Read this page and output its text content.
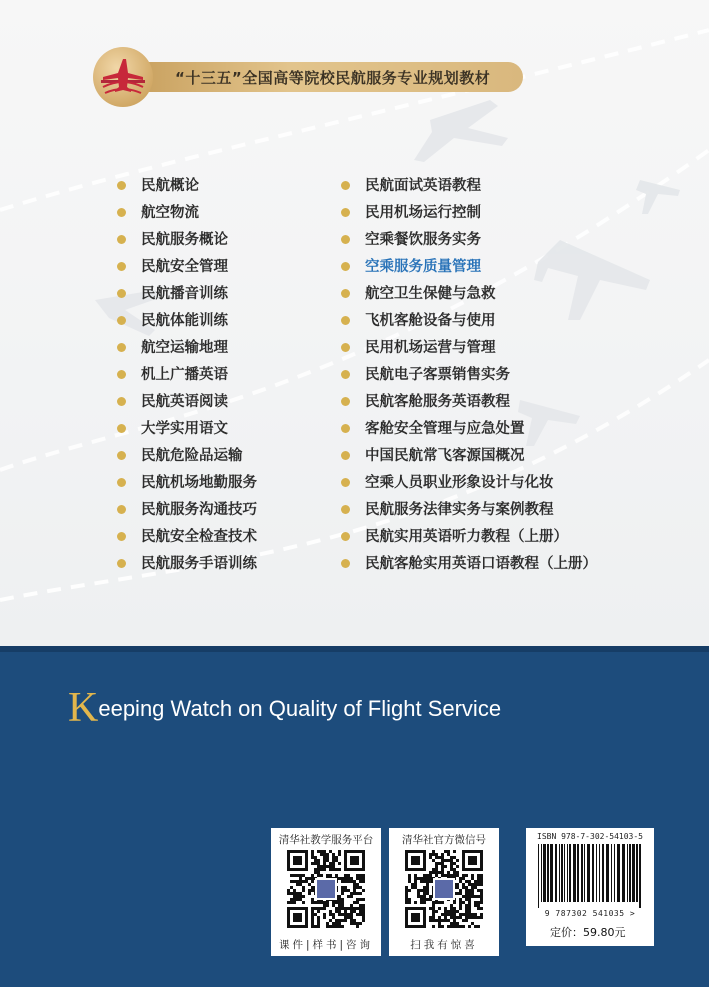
“十三五”全国高等院校民航服务专业规划教材
民航概论
航空物流
民航服务概论
民航安全管理
民航播音训练
民航体能训练
航空运输地理
机上广播英语
民航英语阅读
大学实用语文
民航危险品运输
民航机场地勤服务
民航服务沟通技巧
民航安全检查技术
民航服务手语训练
民航面试英语教程
民用机场运行控制
空乘餐饮服务实务
空乘服务质量管理
航空卫生保健与急救
飞机客舱设备与使用
民用机场运营与管理
民航电子客票销售实务
民航客舱服务英语教程
客舱安全管理与应急处置
中国民航常飞客源国概况
空乘人员职业形象设计与化妆
民航服务法律实务与案例教程
民航实用英语听力教程（上册）
民航客舱实用英语口语教程（上册）
Keeping Watch on Quality of Flight Service
清华社教学服务平台
课件|样书|咨询
清华社官方微信号
扫我有惊喜
ISBN 978-7-302-54103-5
9 787302 541035 >
定价：59.80元
